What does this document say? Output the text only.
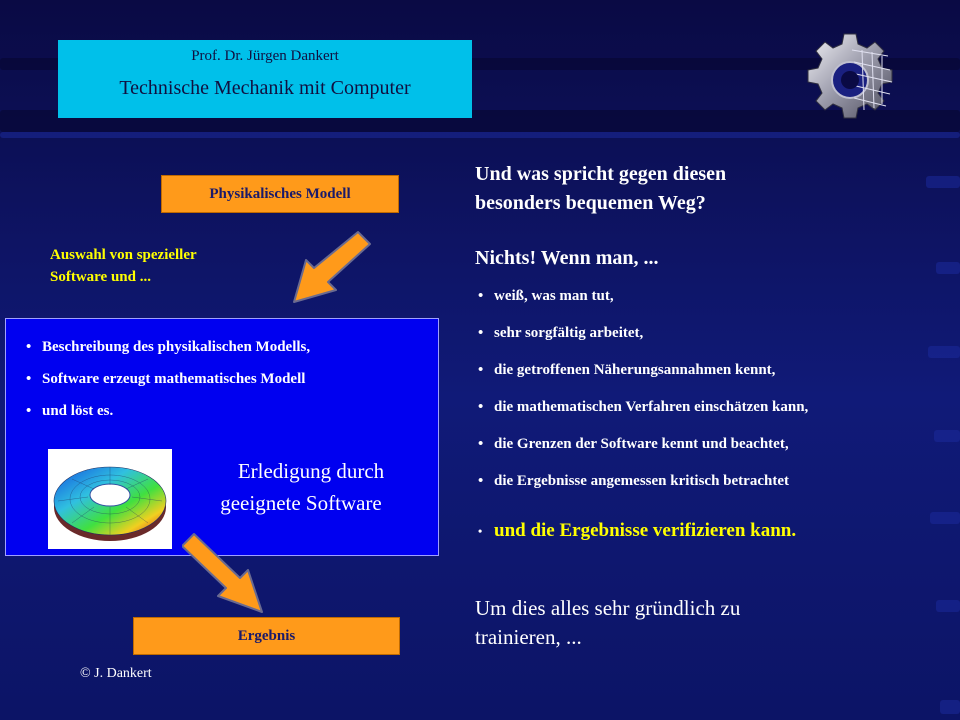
Prof. Dr. Jürgen Dankert
Technische Mechanik mit Computer
Physikalisches Modell
Auswahl von spezieller
Software und ...
• Beschreibung des physikalischen Modells,
• Software erzeugt mathematisches Modell
• und löst es.
Erledigung durch
geeignete Software
Ergebnis
© J. Dankert
Und was spricht gegen diesen
besonders bequemen Weg?
Nichts! Wenn man, ...
• weiß, was man tut,
• sehr sorgfältig arbeitet,
• die getroffenen Näherungsannahmen kennt,
• die mathematischen Verfahren einschätzen kann,
• die Grenzen der Software kennt und beachtet,
• die Ergebnisse angemessen kritisch betrachtet
• und die Ergebnisse verifizieren kann.
Um dies alles sehr gründlich zu
trainieren, ...
